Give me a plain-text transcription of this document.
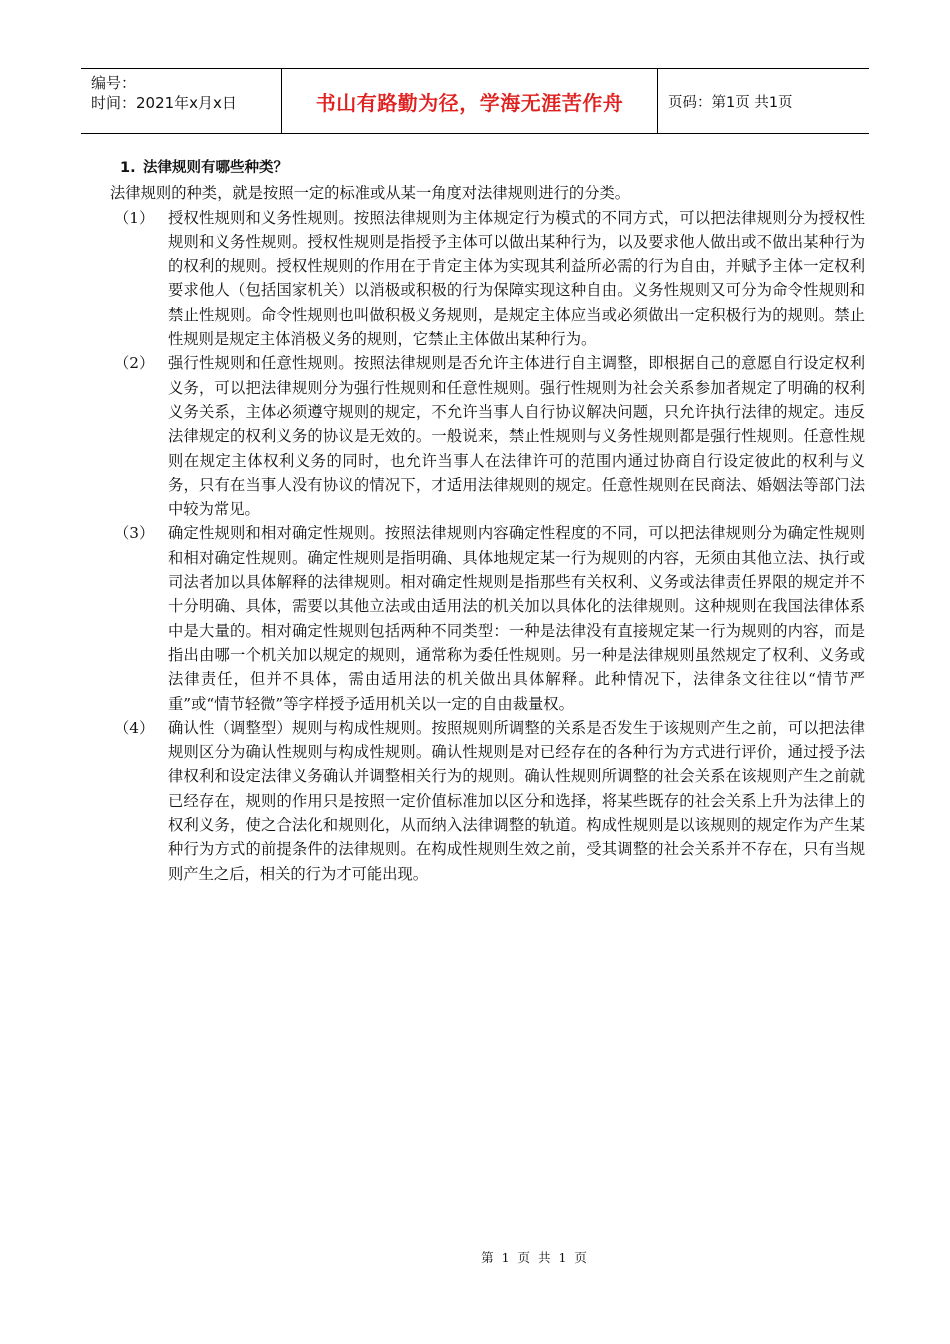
编号：
时间：2021年x月x日	书山有路勤为径，学海无涯苦作舟	页码：第1页 共1页
1. 法律规则有哪些种类？

法律规则的种类，就是按照一定的标准或从某一角度对法律规则进行的分类。

（1） 授权性规则和义务性规则。按照法律规则为主体规定行为模式的不同方式，可以把法律规则分为授权性规则和义务性规则。授权性规则是指授予主体可以做出某种行为，以及要求他人做出或不做出某种行为的权利的规则。授权性规则的作用在于肯定主体为实现其利益所必需的行为自由，并赋予主体一定权利要求他人（包括国家机关）以消极或积极的行为保障实现这种自由。义务性规则又可分为命令性规则和禁止性规则。命令性规则也叫做积极义务规则，是规定主体应当或必须做出一定积极行为的规则。禁止性规则是规定主体消极义务的规则，它禁止主体做出某种行为。
（2） 强行性规则和任意性规则。按照法律规则是否允许主体进行自主调整，即根据自己的意愿自行设定权利义务，可以把法律规则分为强行性规则和任意性规则。强行性规则为社会关系参加者规定了明确的权利义务关系，主体必须遵守规则的规定，不允许当事人自行协议解决问题，只允许执行法律的规定。违反法律规定的权利义务的协议是无效的。一般说来，禁止性规则与义务性规则都是强行性规则。任意性规则在规定主体权利义务的同时，也允许当事人在法律许可的范围内通过协商自行设定彼此的权利与义务，只有在当事人没有协议的情况下，才适用法律规则的规定。任意性规则在民商法、婚姻法等部门法中较为常见。
（3） 确定性规则和相对确定性规则。按照法律规则内容确定性程度的不同，可以把法律规则分为确定性规则和相对确定性规则。确定性规则是指明确、具体地规定某一行为规则的内容，无须由其他立法、执行或司法者加以具体解释的法律规则。相对确定性规则是指那些有关权利、义务或法律责任界限的规定并不十分明确、具体，需要以其他立法或由适用法的机关加以具体化的法律规则。这种规则在我国法律体系中是大量的。相对确定性规则包括两种不同类型：一种是法律没有直接规定某一行为规则的内容，而是指出由哪一个机关加以规定的规则，通常称为委任性规则。另一种是法律规则虽然规定了权利、义务或法律责任，但并不具体，需由适用法的机关做出具体解释。此种情况下，法律条文往往以“情节严重”或“情节轻微”等字样授予适用机关以一定的自由裁量权。
（4） 确认性（调整型）规则与构成性规则。按照规则所调整的关系是否发生于该规则产生之前，可以把法律规则区分为确认性规则与构成性规则。确认性规则是对已经存在的各种行为方式进行评价，通过授予法律权利和设定法律义务确认并调整相关行为的规则。确认性规则所调整的社会关系在该规则产生之前就已经存在，规则的作用只是按照一定价值标准加以区分和选择，将某些既存的社会关系上升为法律上的权利义务，使之合法化和规则化，从而纳入法律调整的轨道。构成性规则是以该规则的规定作为产生某种行为方式的前提条件的法律规则。在构成性规则生效之前，受其调整的社会关系并不存在，只有当规则产生之后，相关的行为才可能出现。
第 1 页 共 1 页
